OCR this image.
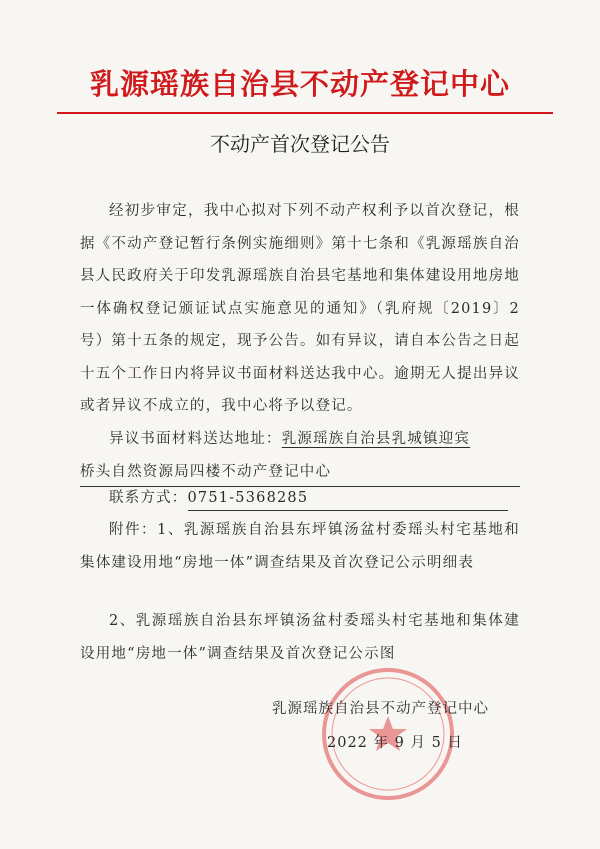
乳源瑶族自治县不动产登记中心
不动产首次登记公告
经初步审定，我中心拟对下列不动产权利予以首次登记，根据《不动产登记暂行条例实施细则》第十七条和《乳源瑶族自治县人民政府关于印发乳源瑶族自治县宅基地和集体建设用地房地一体确权登记颁证试点实施意见的通知》（乳府规〔2019〕2号）第十五条的规定，现予公告。如有异议，请自本公告之日起十五个工作日内将异议书面材料送达我中心。逾期无人提出异议或者异议不成立的，我中心将予以登记。
异议书面材料送达地址：乳源瑶族自治县乳城镇迎宾
桥头自然资源局四楼不动产登记中心
联系方式：0751-5368285
附件：1、乳源瑶族自治县东坪镇汤盆村委瑶头村宅基地和集体建设用地“房地一体”调查结果及首次登记公示明细表
2、乳源瑶族自治县东坪镇汤盆村委瑶头村宅基地和集体建设用地“房地一体”调查结果及首次登记公示图
乳源瑶族自治县不动产登记中心
2022 年 9 月 5 日
